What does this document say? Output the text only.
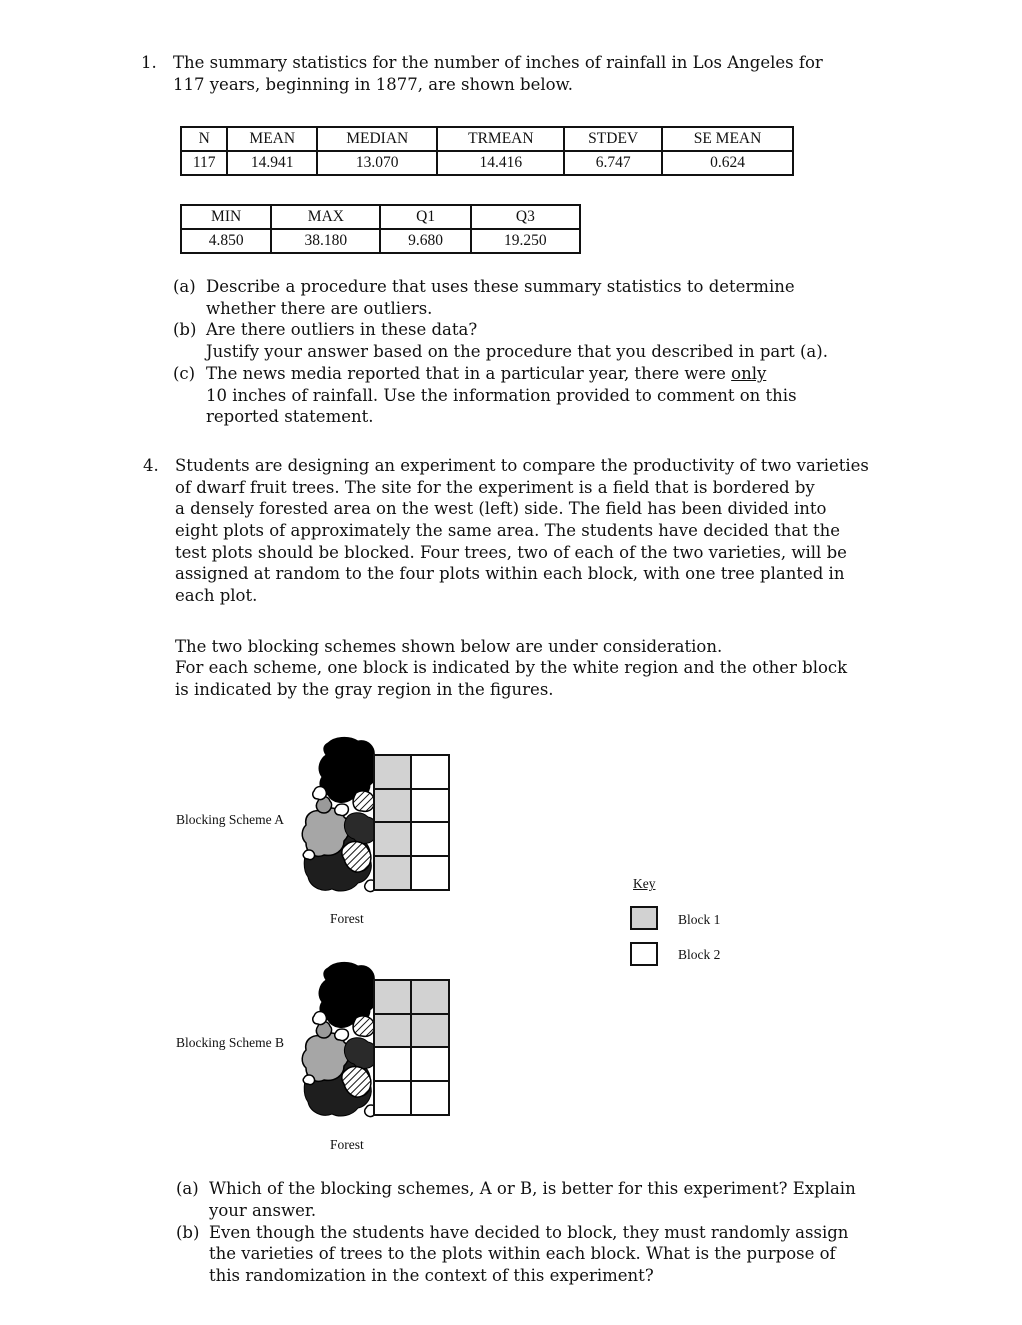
1. The summary statistics for the number of inches of rainfall in Los Angeles for
117 years, beginning in 1877, are shown below.
N	MEAN	MEDIAN	TRMEAN	STDEV	SE MEAN
117	14.941	13.070	14.416	6.747	0.624
MIN	MAX	Q1	Q3
4.850	38.180	9.680	19.250
(a) Describe a procedure that uses these summary statistics to determine
whether there are outliers.
(b) Are there outliers in these data?
Justify your answer based on the procedure that you described in part (a).
(c) The news media reported that in a particular year, there were only
10 inches of rainfall. Use the information provided to comment on this
reported statement.
4. Students are designing an experiment to compare the productivity of two varieties
of dwarf fruit trees. The site for the experiment is a field that is bordered by
a densely forested area on the west (left) side. The field has been divided into
eight plots of approximately the same area. The students have decided that the
test plots should be blocked. Four trees, two of each of the two varieties, will be
assigned at random to the four plots within each block, with one tree planted in
each plot.
The two blocking schemes shown below are under consideration.
For each scheme, one block is indicated by the white region and the other block
is indicated by the gray region in the figures.
Blocking Scheme A
Forest
Key
Block 1
Block 2
Blocking Scheme B
Forest
(a) Which of the blocking schemes, A or B, is better for this experiment? Explain
your answer.
(b) Even though the students have decided to block, they must randomly assign
the varieties of trees to the plots within each block. What is the purpose of
this randomization in the context of this experiment?
